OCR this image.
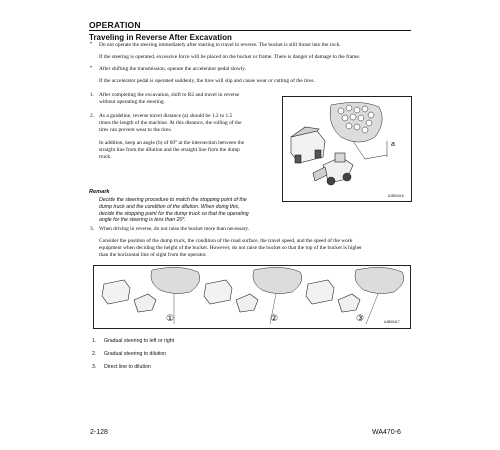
OPERATION
Traveling in Reverse After Excavation
• Do not operate the steering immediately after starting to travel in reverse. The bucket is still thrust into the rock.
If the steering is operated, excessive force will be placed on the bucket or frame. There is danger of damage to the frame.
• After shifting the transmission, operate the accelerator pedal slowly.
If the accelerator pedal is operated suddenly, the tires will slip and cause wear or cutting of the tires.
1. After completing the excavation, shift to R2 and travel in reverse
without operating the steering.
2. As a guideline, reverse travel distance (a) should be 1.2 to 1.5
times the length of the machine. At this distance, the rolling of the
tires can prevent wear to the tires.
In addition, keep an angle (b) of 60° at the intersection between the
straight line from the dilution and the straight line from the dump
truck.
Remark
Decide the steering procedure to match the stopping point of the
dump truck and the condition of the dilution. When doing this,
decide the stopping point for the dump truck so that the operating
angle for the steering is less than 20°.
a
AJB00416
3. When driving in reverse, do not raise the bucket more than necessary.
Consider the position of the dump truck, the condition of the road surface, the travel speed, and the speed of the work
equipment when deciding the height of the bucket. However, do not raise the bucket so that the top of the bucket is higher
than the horizontal line of sight from the operator.
①	②	③	AJB00417
1. Gradual steering to left or right
2. Gradual steering to dilution
3. Direct line to dilution
2-128	WA470-6
